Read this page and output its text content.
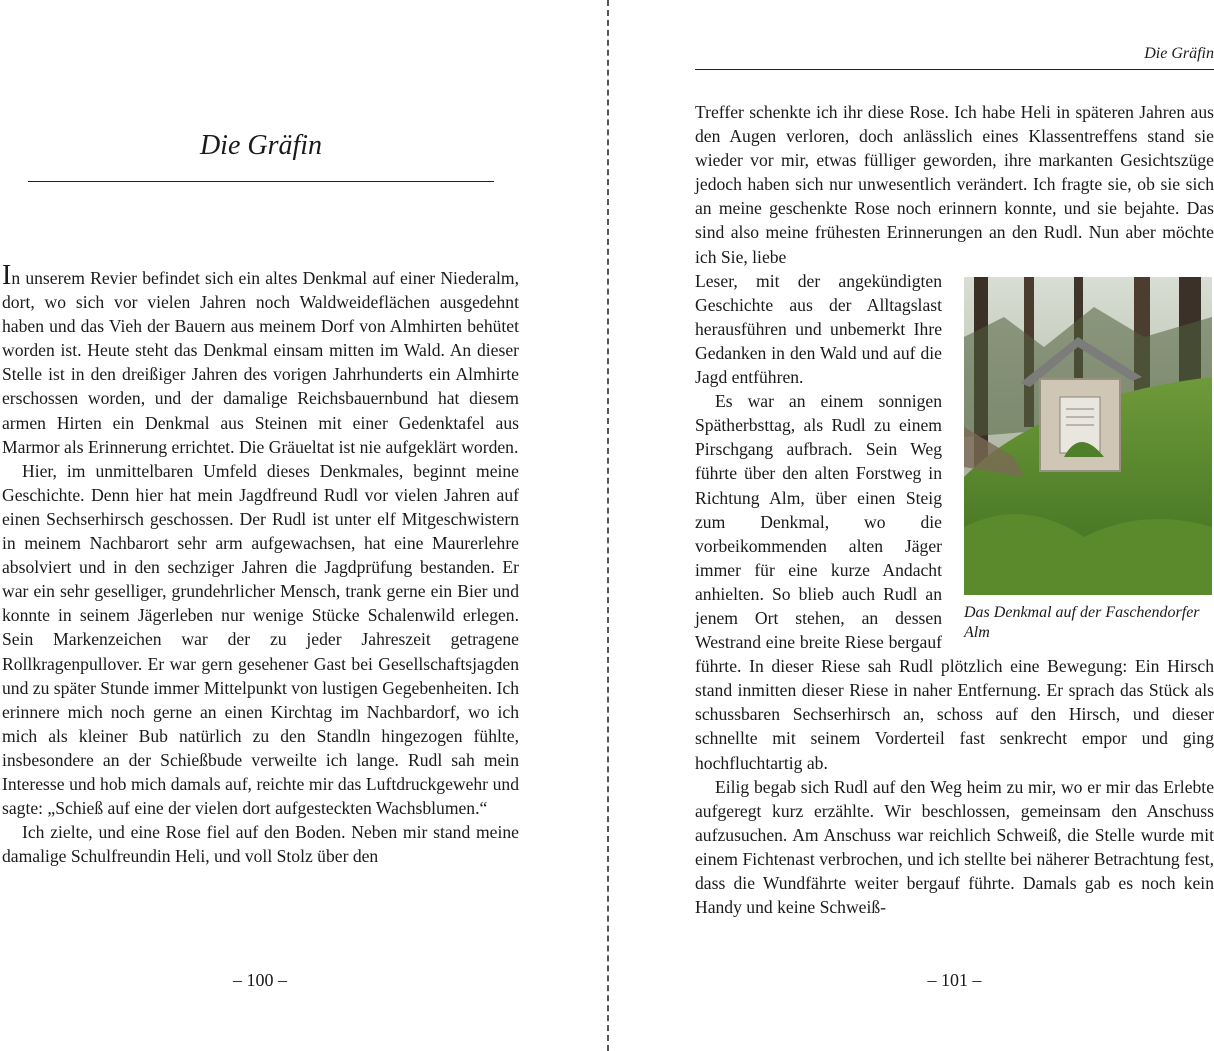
Die Gräfin

In unserem Revier befindet sich ein altes Denkmal auf einer Niederalm, dort, wo sich vor vielen Jahren noch Waldweideflächen ausgedehnt haben und das Vieh der Bauern aus meinem Dorf von Almhirten behütet worden ist. Heute steht das Denkmal einsam mitten im Wald. An dieser Stelle ist in den dreißiger Jahren des vorigen Jahrhunderts ein Almhirte erschossen worden, und der damalige Reichsbauernbund hat diesem armen Hirten ein Denkmal aus Steinen mit einer Gedenktafel aus Marmor als Erinnerung errichtet. Die Gräueltat ist nie aufgeklärt worden.

Hier, im unmittelbaren Umfeld dieses Denkmales, beginnt meine Geschichte. Denn hier hat mein Jagdfreund Rudl vor vielen Jahren auf einen Sechserhirsch geschossen. Der Rudl ist unter elf Mitgeschwistern in meinem Nachbarort sehr arm aufgewachsen, hat eine Maurerlehre absolviert und in den sechziger Jahren die Jagdprüfung bestanden. Er war ein sehr geselliger, grundehrlicher Mensch, trank gerne ein Bier und konnte in seinem Jägerleben nur wenige Stücke Schalenwild erlegen. Sein Markenzeichen war der zu jeder Jahreszeit getragene Rollkragenpullover. Er war gern gesehener Gast bei Gesellschaftsjagden und zu später Stunde immer Mittelpunkt von lustigen Gegebenheiten. Ich erinnere mich noch gerne an einen Kirchtag im Nachbardorf, wo ich mich als kleiner Bub natürlich zu den Standln hingezogen fühlte, insbesondere an der Schießbude verweilte ich lange. Rudl sah mein Interesse und hob mich damals auf, reichte mir das Luftdruckgewehr und sagte: „Schieß auf eine der vielen dort aufgesteckten Wachsblumen.“

Ich zielte, und eine Rose fiel auf den Boden. Neben mir stand meine damalige Schulfreundin Heli, und voll Stolz über den

– 100 –
Die Gräfin

Treffer schenkte ich ihr diese Rose. Ich habe Heli in späteren Jahren aus den Augen verloren, doch anlässlich eines Klassentreffens stand sie wieder vor mir, etwas fülliger geworden, ihre markanten Gesichtszüge jedoch haben sich nur unwesentlich verändert. Ich fragte sie, ob sie sich an meine geschenkte Rose noch erinnern konnte, und sie bejahte. Das sind also meine frühesten Erinnerungen an den Rudl. Nun aber möchte ich Sie, liebe

Das Denkmal auf der Faschendorfer Alm

Leser, mit der angekündigten Geschichte aus der Alltagslast herausführen und unbemerkt Ihre Gedanken in den Wald und auf die Jagd entführen.

Es war an einem sonnigen Spätherbsttag, als Rudl zu einem Pirschgang aufbrach. Sein Weg führte über den alten Forstweg in Richtung Alm, über einen Steig zum Denkmal, wo die vorbeikommenden alten Jäger immer für eine kurze Andacht anhielten. So blieb auch Rudl an jenem Ort stehen, an dessen Westrand eine breite Riese bergauf führte. In dieser Riese sah Rudl plötzlich eine Bewegung: Ein Hirsch stand inmitten dieser Riese in naher Entfernung. Er sprach das Stück als schussbaren Sechserhirsch an, schoss auf den Hirsch, und dieser schnellte mit seinem Vorderteil fast senkrecht empor und ging hochfluchtartig ab.

Eilig begab sich Rudl auf den Weg heim zu mir, wo er mir das Erlebte aufgeregt kurz erzählte. Wir beschlossen, gemeinsam den Anschuss aufzusuchen. Am Anschuss war reichlich Schweiß, die Stelle wurde mit einem Fichtenast verbrochen, und ich stellte bei näherer Betrachtung fest, dass die Wundfährte weiter bergauf führte. Damals gab es noch kein Handy und keine Schweiß-

– 101 –
